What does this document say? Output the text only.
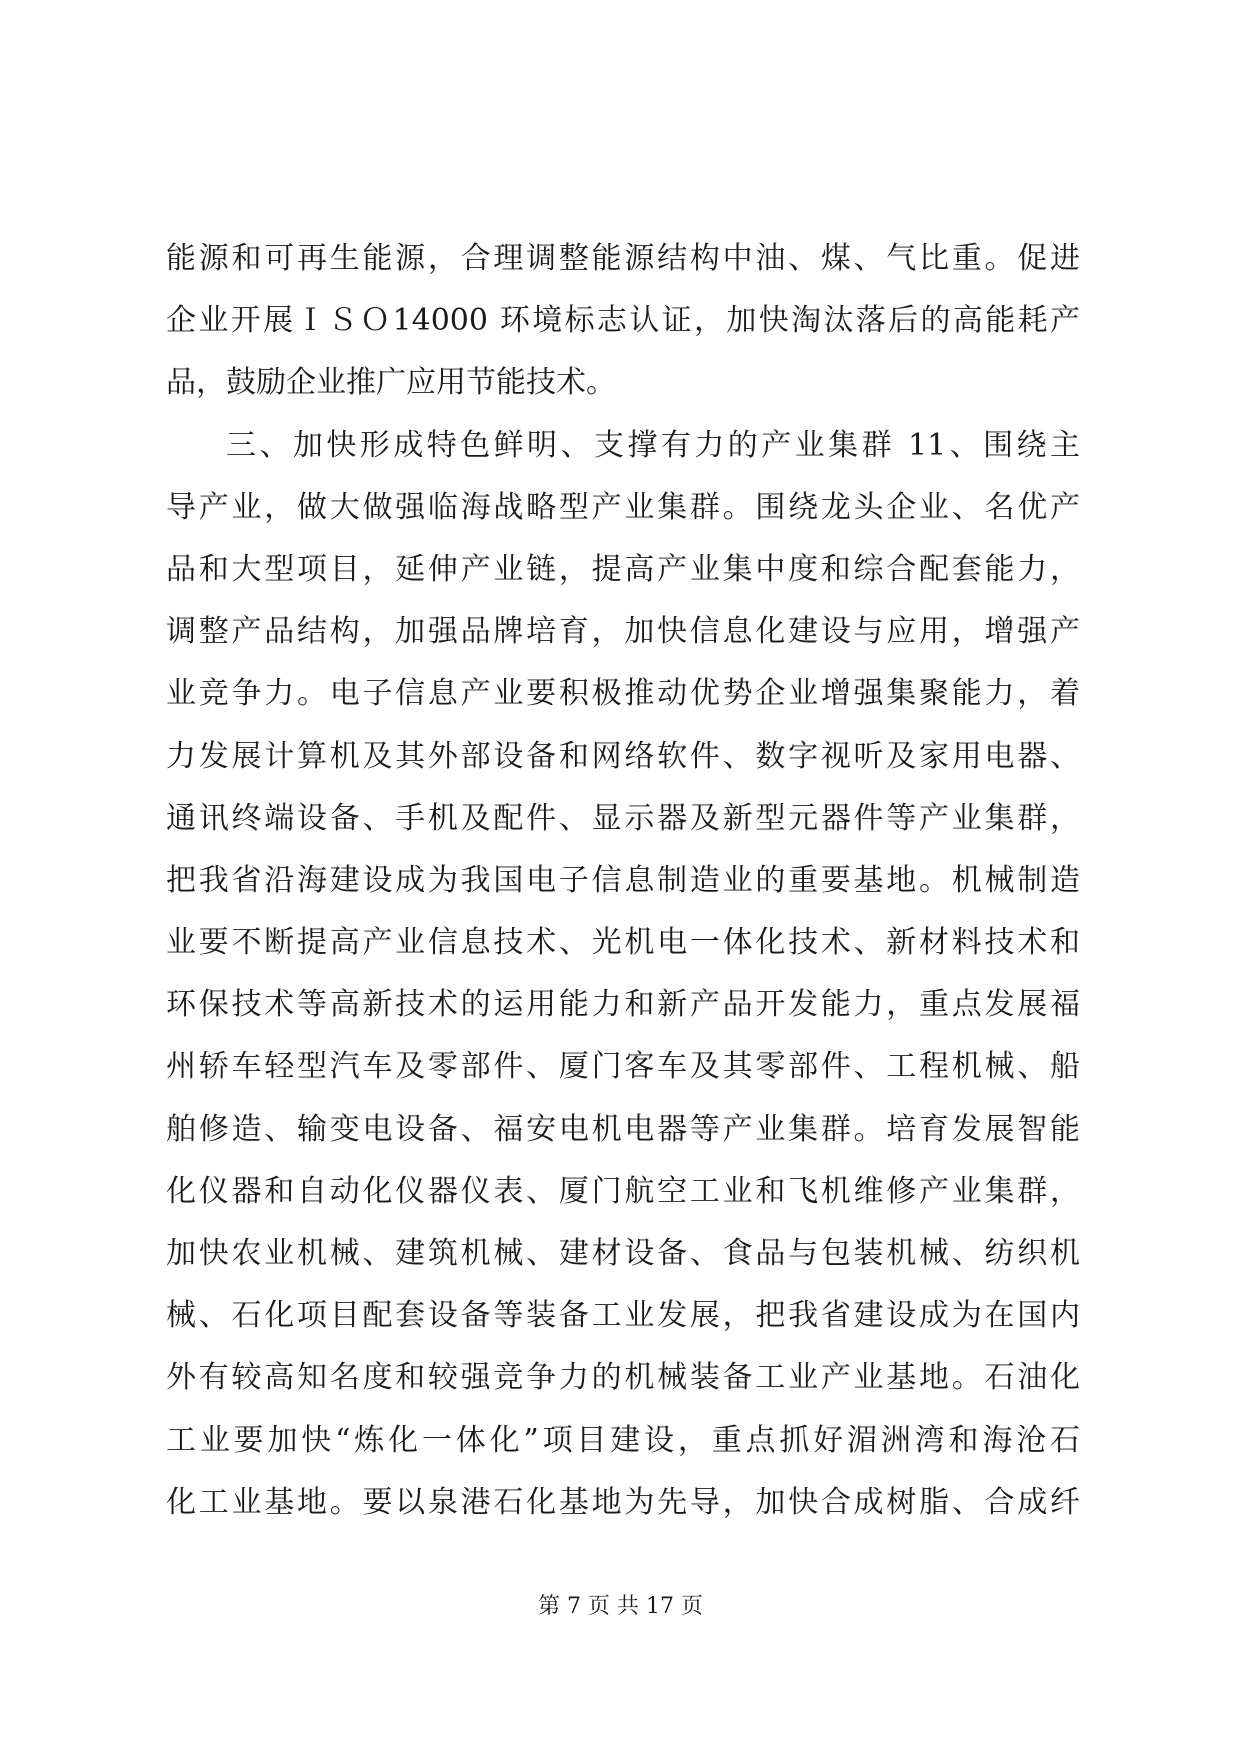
能源和可再生能源，合理调整能源结构中油、煤、气比重。促进
企业开展ＩＳＯ14000 环境标志认证，加快淘汰落后的高能耗产
品，鼓励企业推广应用节能技术。
三、加快形成特色鲜明、支撑有力的产业集群 11、围绕主
导产业，做大做强临海战略型产业集群。围绕龙头企业、名优产
品和大型项目，延伸产业链，提高产业集中度和综合配套能力，
调整产品结构，加强品牌培育，加快信息化建设与应用，增强产
业竞争力。电子信息产业要积极推动优势企业增强集聚能力，着
力发展计算机及其外部设备和网络软件、数字视听及家用电器、
通讯终端设备、手机及配件、显示器及新型元器件等产业集群，
把我省沿海建设成为我国电子信息制造业的重要基地。机械制造
业要不断提高产业信息技术、光机电一体化技术、新材料技术和
环保技术等高新技术的运用能力和新产品开发能力，重点发展福
州轿车轻型汽车及零部件、厦门客车及其零部件、工程机械、船
舶修造、输变电设备、福安电机电器等产业集群。培育发展智能
化仪器和自动化仪器仪表、厦门航空工业和飞机维修产业集群，
加快农业机械、建筑机械、建材设备、食品与包装机械、纺织机
械、石化项目配套设备等装备工业发展，把我省建设成为在国内
外有较高知名度和较强竞争力的机械装备工业产业基地。石油化
工业要加快“炼化一体化”项目建设，重点抓好湄洲湾和海沧石
化工业基地。要以泉港石化基地为先导，加快合成树脂、合成纤
第 7 页 共 17 页
